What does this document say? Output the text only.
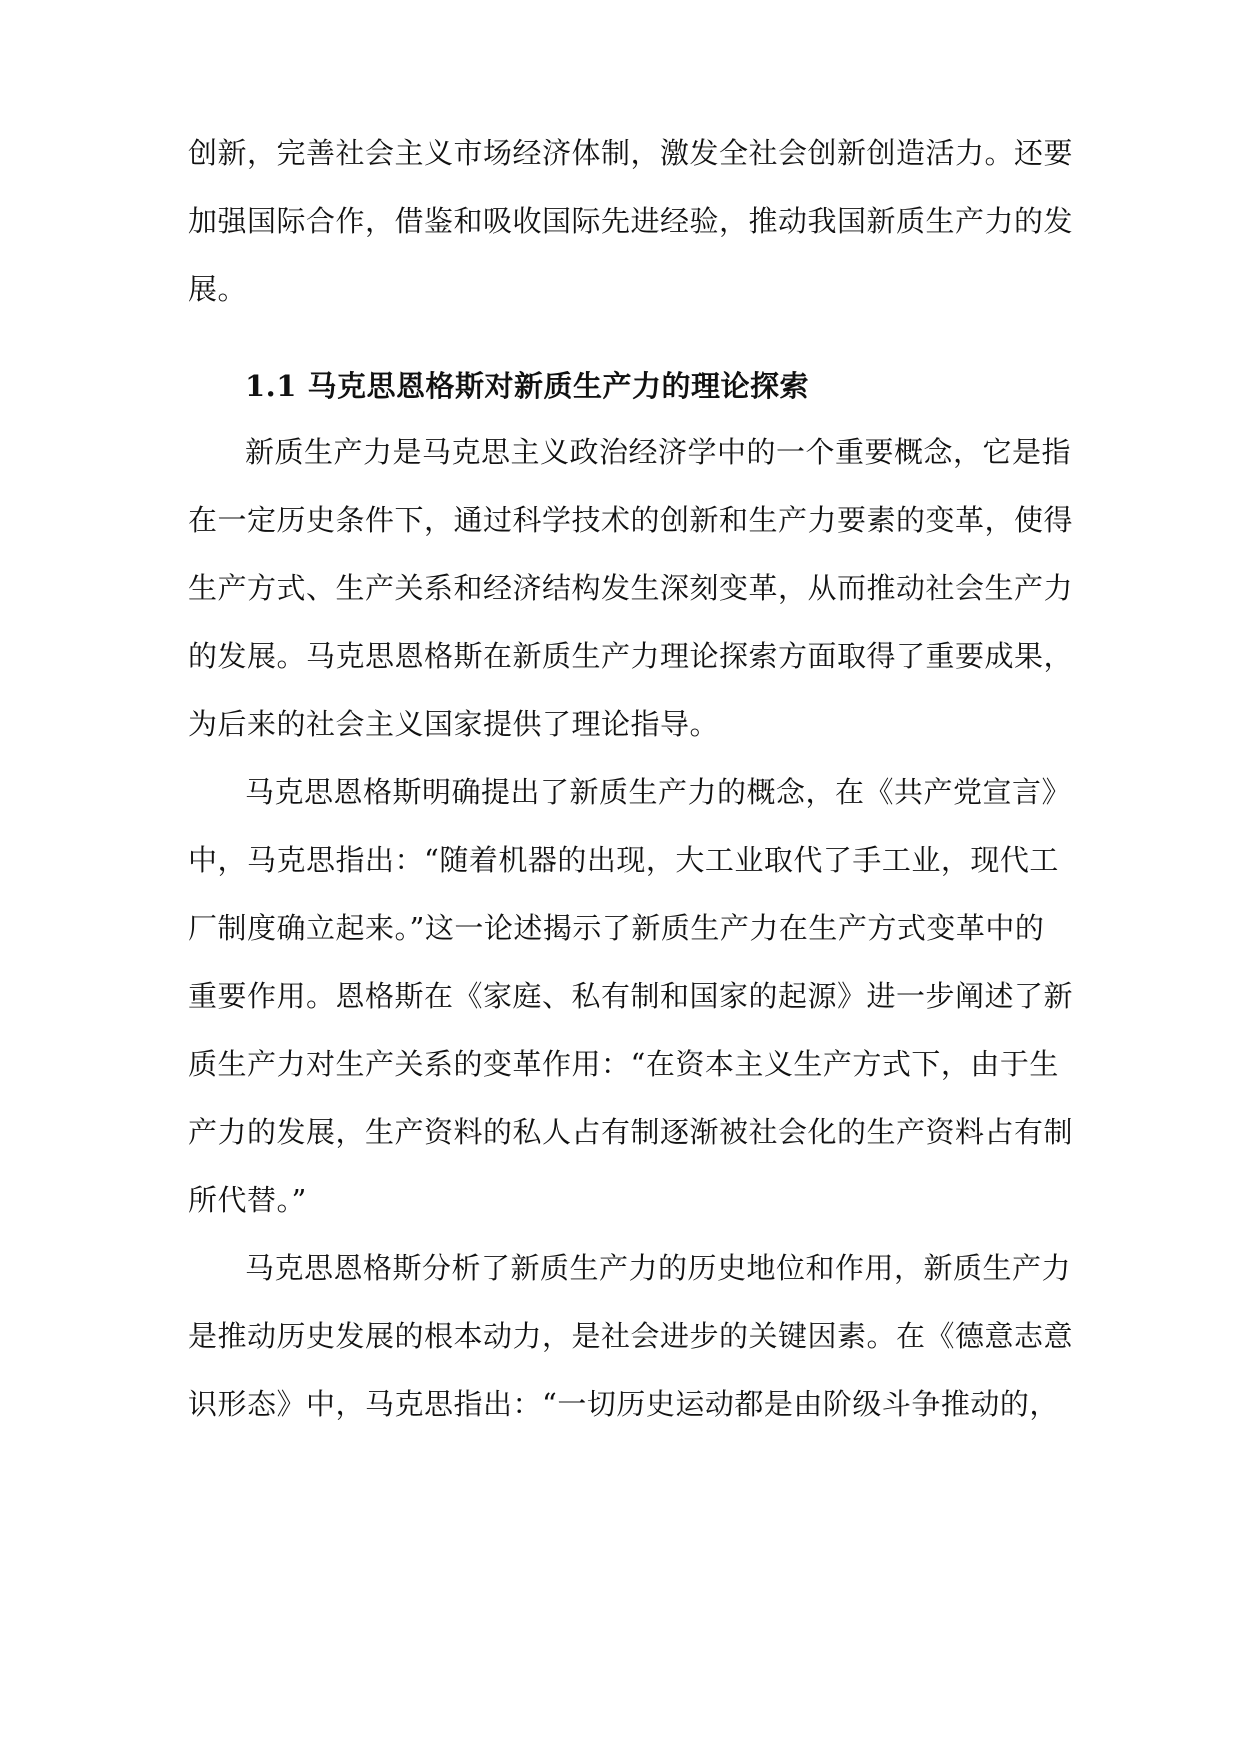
创新，完善社会主义市场经济体制，激发全社会创新创造活力。还要
加强国际合作，借鉴和吸收国际先进经验，推动我国新质生产力的发
展。
1.1 马克思恩格斯对新质生产力的理论探索
新质生产力是马克思主义政治经济学中的一个重要概念，它是指
在一定历史条件下，通过科学技术的创新和生产力要素的变革，使得
生产方式、生产关系和经济结构发生深刻变革，从而推动社会生产力
的发展。马克思恩格斯在新质生产力理论探索方面取得了重要成果，
为后来的社会主义国家提供了理论指导。
马克思恩格斯明确提出了新质生产力的概念，在《共产党宣言》
中，马克思指出：“随着机器的出现，大工业取代了手工业，现代工
厂制度确立起来。”这一论述揭示了新质生产力在生产方式变革中的
重要作用。恩格斯在《家庭、私有制和国家的起源》进一步阐述了新
质生产力对生产关系的变革作用：“在资本主义生产方式下，由于生
产力的发展，生产资料的私人占有制逐渐被社会化的生产资料占有制
所代替。”
马克思恩格斯分析了新质生产力的历史地位和作用，新质生产力
是推动历史发展的根本动力，是社会进步的关键因素。在《德意志意
识形态》中，马克思指出：“一切历史运动都是由阶级斗争推动的，
